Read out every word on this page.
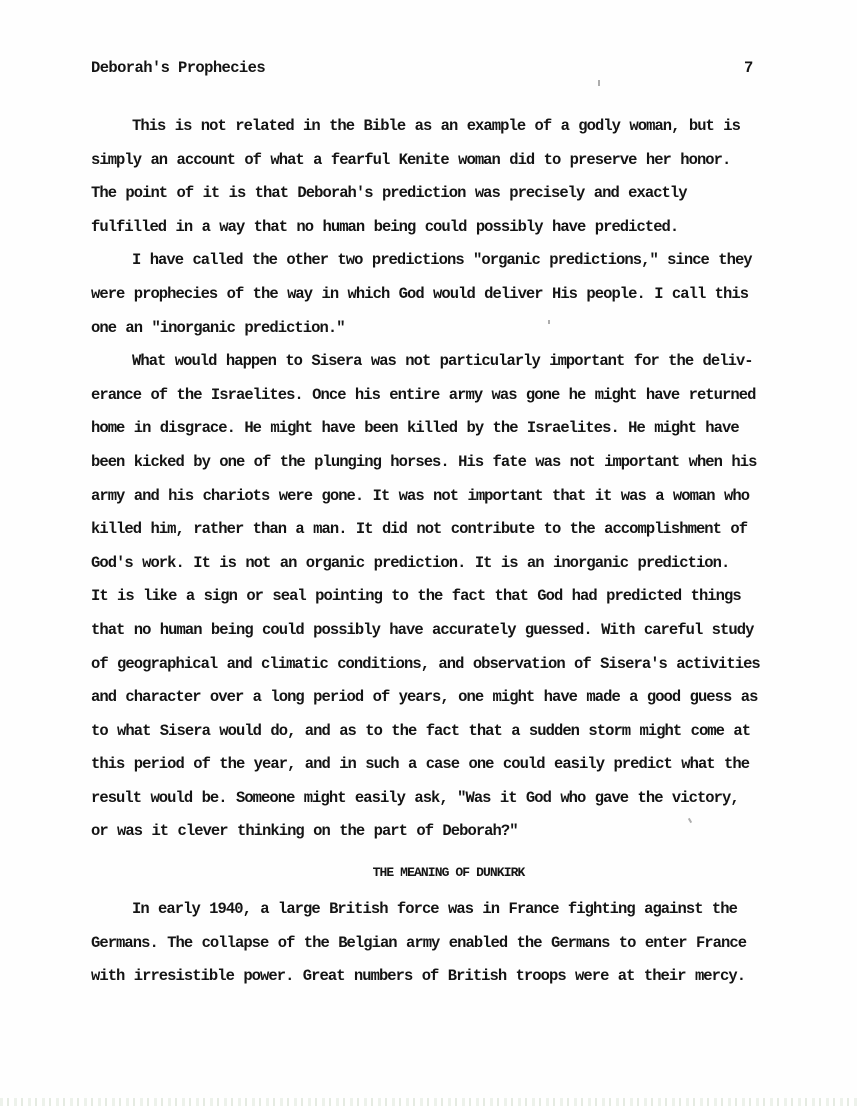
Deborah's Prophecies	7
This is not related in the Bible as an example of a godly woman, but is
simply an account of what a fearful Kenite woman did to preserve her honor.
The point of it is that Deborah's prediction was precisely and exactly
fulfilled in a way that no human being could possibly have predicted.
I have called the other two predictions "organic predictions," since they
were prophecies of the way in which God would deliver His people. I call this
one an "inorganic prediction."
What would happen to Sisera was not particularly important for the deliv-
erance of the Israelites. Once his entire army was gone he might have returned
home in disgrace. He might have been killed by the Israelites. He might have
been kicked by one of the plunging horses. His fate was not important when his
army and his chariots were gone. It was not important that it was a woman who
killed him, rather than a man. It did not contribute to the accomplishment of
God's work. It is not an organic prediction. It is an inorganic prediction.
It is like a sign or seal pointing to the fact that God had predicted things
that no human being could possibly have accurately guessed. With careful study
of geographical and climatic conditions, and observation of Sisera's activities
and character over a long period of years, one might have made a good guess as
to what Sisera would do, and as to the fact that a sudden storm might come at
this period of the year, and in such a case one could easily predict what the
result would be. Someone might easily ask, "Was it God who gave the victory,
or was it clever thinking on the part of Deborah?"
THE MEANING OF DUNKIRK
In early 1940, a large British force was in France fighting against the
Germans. The collapse of the Belgian army enabled the Germans to enter France
with irresistible power. Great numbers of British troops were at their mercy.
